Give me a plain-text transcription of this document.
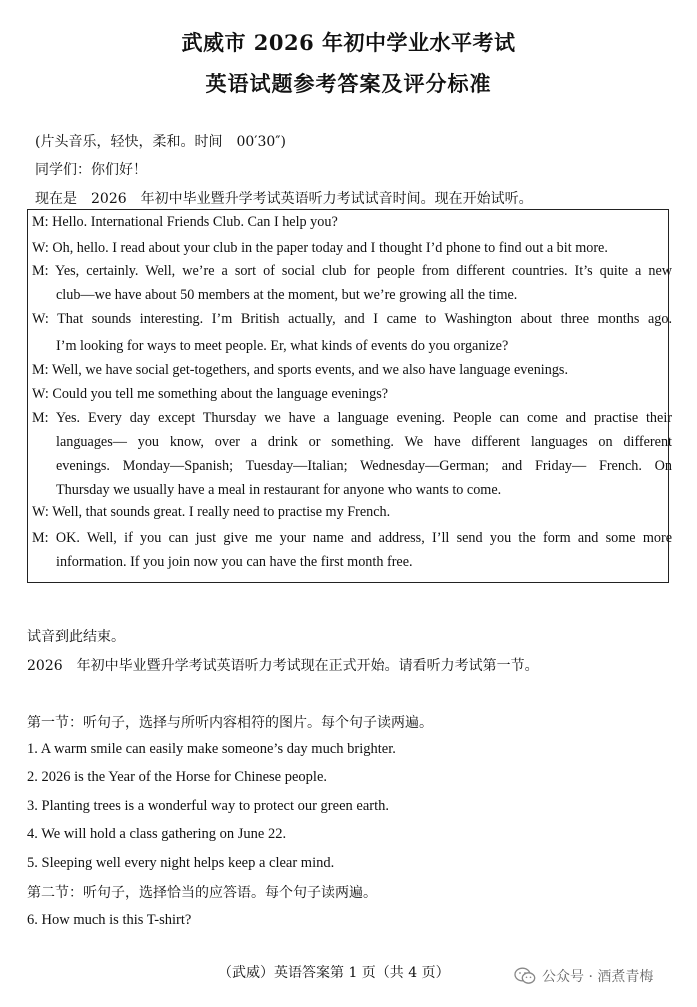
武威市 2026 年初中学业水平考试
英语试题参考答案及评分标准
(片头音乐，轻快，柔和。时间　00′30″)
同学们：你们好！
现在是　2026　年初中毕业暨升学考试英语听力考试试音时间。现在开始试听。
M: Hello. International Friends Club. Can I help you?
W: Oh, hello. I read about your club in the paper today and I thought I’d phone to find out a bit more.
M: Yes, certainly. Well, we’re a sort of social club for people from different countries. It’s quite a new
club—we have about 50 members at the moment, but we’re growing all the time.
W: That sounds interesting. I’m British actually, and I came to Washington about three months ago.
I’m looking for ways to meet people. Er, what kinds of events do you organize?
M: Well, we have social get-togethers, and sports events, and we also have language evenings.
W: Could you tell me something about the language evenings?
M: Yes. Every day except Thursday we have a language evening. People can come and practise their
languages— you know, over a drink or something. We have different languages on different
evenings. Monday—Spanish; Tuesday—Italian; Wednesday—German; and Friday— French. On
Thursday we usually have a meal in restaurant for anyone who wants to come.
W: Well, that sounds great. I really need to practise my French.
M: OK. Well, if you can just give me your name and address, I’ll send you the form and some more
information. If you join now you can have the first month free.
试音到此结束。
2026　年初中毕业暨升学考试英语听力考试现在正式开始。请看听力考试第一节。
第一节：听句子，选择与所听内容相符的图片。每个句子读两遍。
1. A warm smile can easily make someone’s day much brighter.
2. 2026 is the Year of the Horse for Chinese people.
3. Planting trees is a wonderful way to protect our green earth.
4. We will hold a class gathering on June 22.
5. Sleeping well every night helps keep a clear mind.
第二节：听句子，选择恰当的应答语。每个句子读两遍。
6. How much is this T-shirt?
（武威）英语答案第 1 页（共 4 页）	公众号 · 酒煮青梅
